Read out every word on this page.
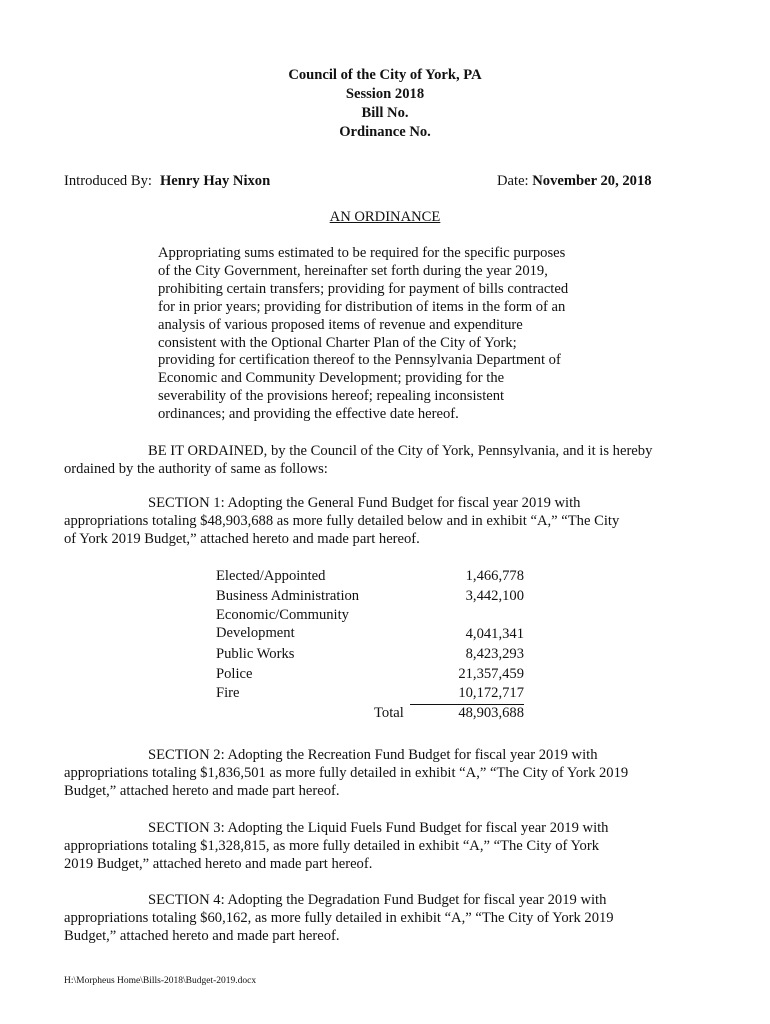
Council of the City of York, PA
Session 2018
Bill No.
Ordinance No.
Introduced By: Henry Hay Nixon	Date: November 20, 2018
AN ORDINANCE
Appropriating sums estimated to be required for the specific purposes
of the City Government, hereinafter set forth during the year 2019,
prohibiting certain transfers; providing for payment of bills contracted
for in prior years; providing for distribution of items in the form of an
analysis of various proposed items of revenue and expenditure
consistent with the Optional Charter Plan of the City of York;
providing for certification thereof to the Pennsylvania Department of
Economic and Community Development; providing for the
severability of the provisions hereof; repealing inconsistent
ordinances; and providing the effective date hereof.
BE IT ORDAINED, by the Council of the City of York, Pennsylvania, and it is hereby
ordained by the authority of same as follows:
SECTION 1: Adopting the General Fund Budget for fiscal year 2019 with
appropriations totaling $48,903,688 as more fully detailed below and in exhibit “A,” “The City
of York 2019 Budget,” attached hereto and made part hereof.
Elected/Appointed	1,466,778
Business Administration	3,442,100
Economic/Community
Development	4,041,341
Public Works	8,423,293
Police	21,357,459
Fire	10,172,717
Total	48,903,688
SECTION 2: Adopting the Recreation Fund Budget for fiscal year 2019 with
appropriations totaling $1,836,501 as more fully detailed in exhibit “A,” “The City of York 2019
Budget,” attached hereto and made part hereof.
SECTION 3: Adopting the Liquid Fuels Fund Budget for fiscal year 2019 with
appropriations totaling $1,328,815, as more fully detailed in exhibit “A,” “The City of York
2019 Budget,” attached hereto and made part hereof.
SECTION 4: Adopting the Degradation Fund Budget for fiscal year 2019 with
appropriations totaling $60,162, as more fully detailed in exhibit “A,” “The City of York 2019
Budget,” attached hereto and made part hereof.
H:\Morpheus Home\Bills-2018\Budget-2019.docx
